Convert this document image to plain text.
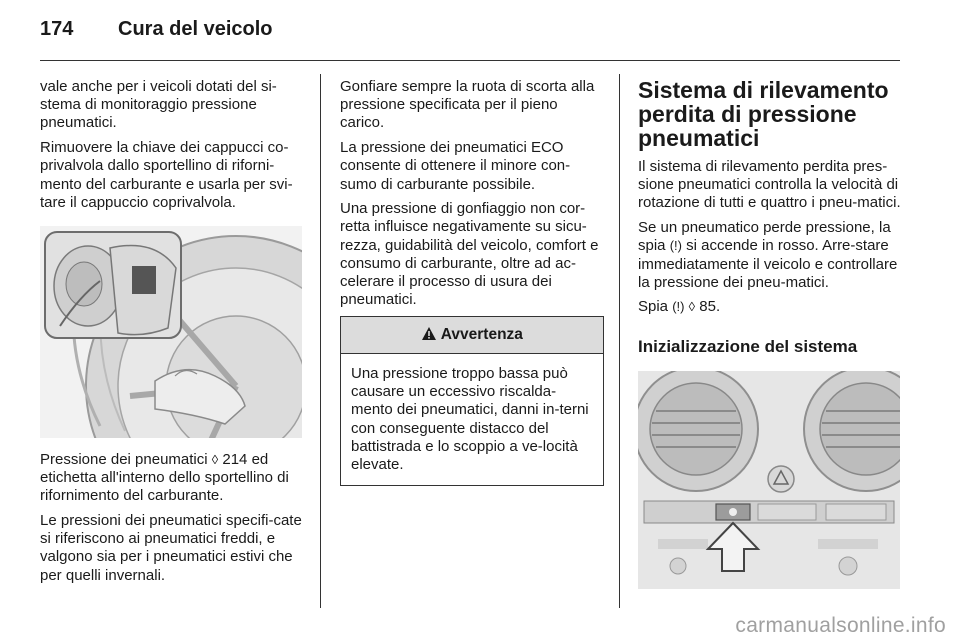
174 Cura del veicolo

vale anche per i veicoli dotati del si-stema di monitoraggio pressione pneumatici.

Rimuovere la chiave dei cappucci co-privalvola dallo sportellino di riforni-mento del carburante e usarla per svi-tare il cappuccio coprivalvola.

Pressione dei pneumatici ◊ 214 ed etichetta all'interno dello sportellino di rifornimento del carburante.

Le pressioni dei pneumatici specifi-cate si riferiscono ai pneumatici freddi, e valgono sia per i pneumatici estivi che per quelli invernali.

Gonfiare sempre la ruota di scorta alla pressione specificata per il pieno carico.

La pressione dei pneumatici ECO consente di ottenere il minore con-sumo di carburante possibile.

Una pressione di gonfiaggio non cor-retta influisce negativamente su sicu-rezza, guidabilità del veicolo, comfort e consumo di carburante, oltre ad ac-celerare il processo di usura dei pneumatici.

Avvertenza
Una pressione troppo bassa può causare un eccessivo riscalda-mento dei pneumatici, danni in-terni con conseguente distacco del battistrada e lo scoppio a ve-locità elevate.
Sistema di rilevamento perdita di pressione pneumatici

Il sistema di rilevamento perdita pres-sione pneumatici controlla la velocità di rotazione di tutti e quattro i pneu-matici.

Se un pneumatico perde pressione, la spia (!) si accende in rosso. Arre-stare immediatamente il veicolo e controllare la pressione dei pneu-matici.

Spia (!) ◊ 85.

Inizializzazione del sistema
carmanualsonline.info
